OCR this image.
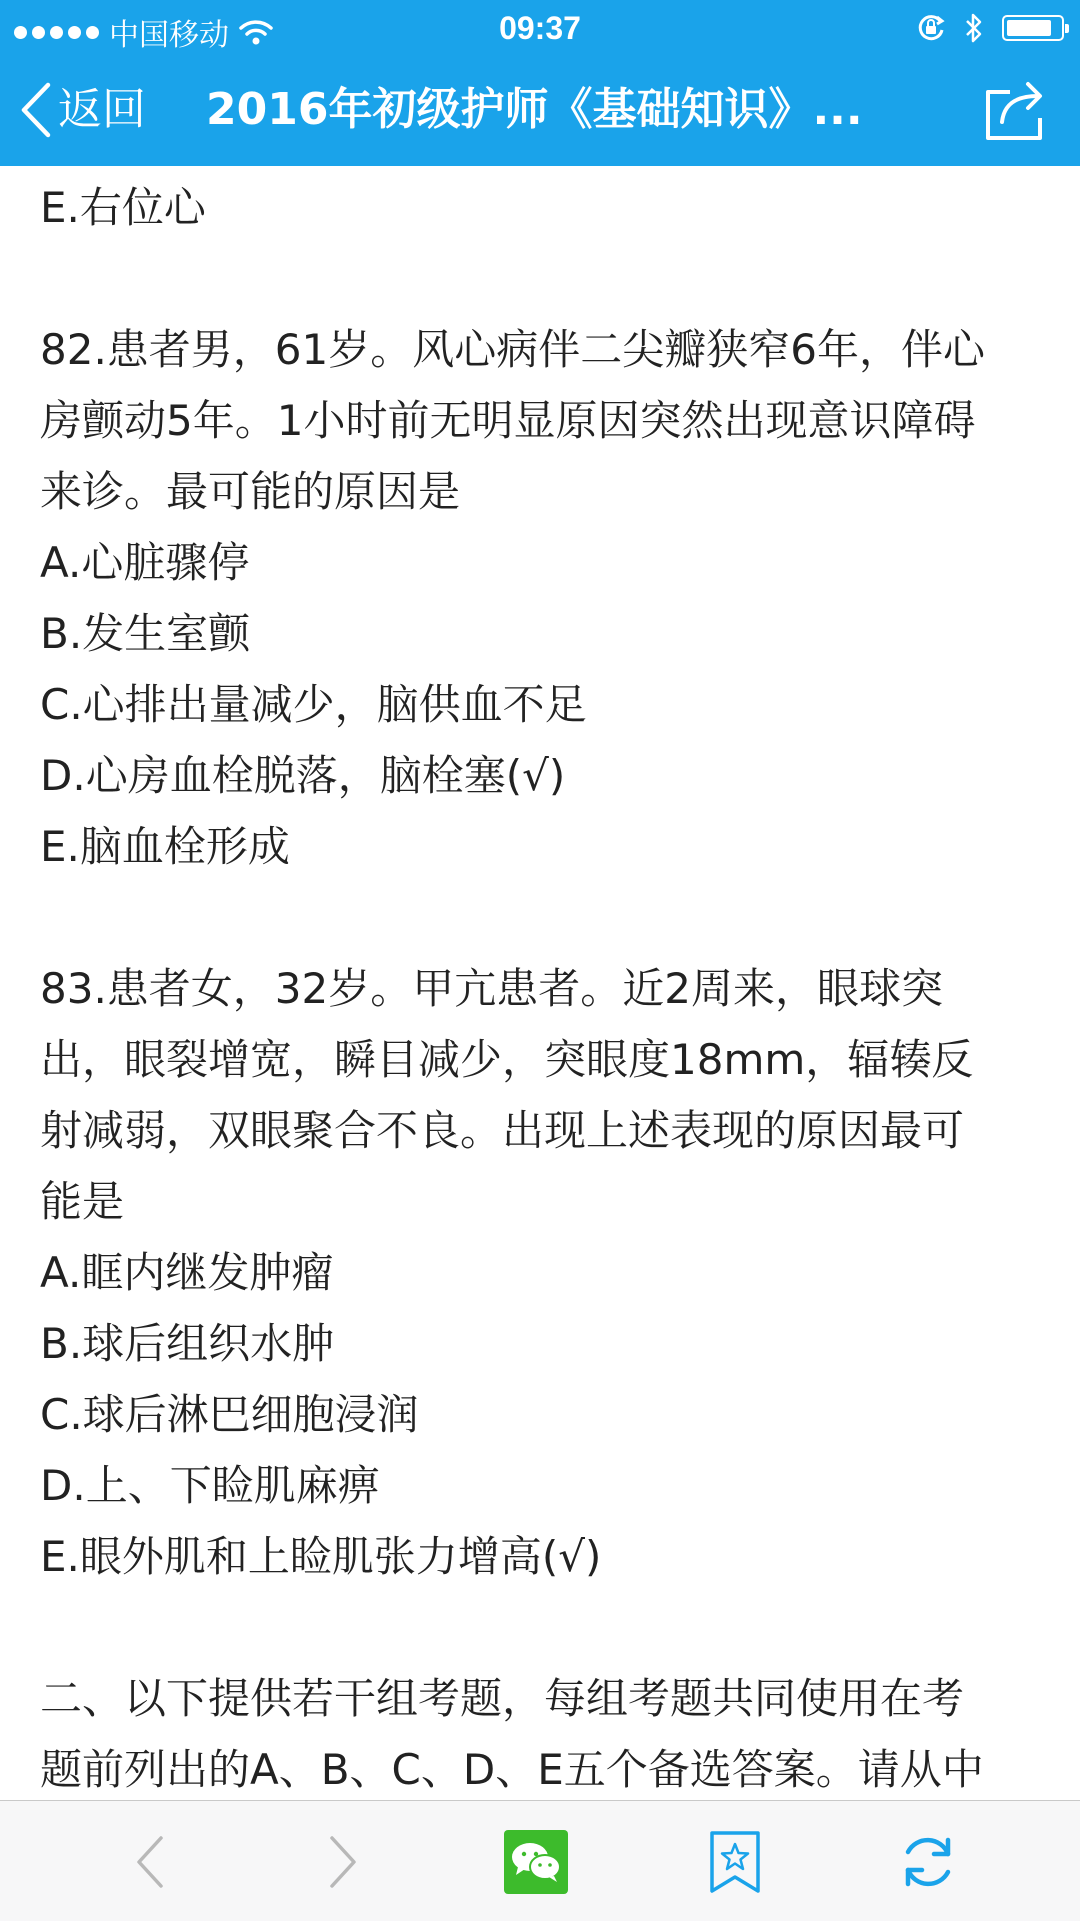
中国移动	09:37
返回 2016年初级护师《基础知识》...
E.右位心
82.患者男，61岁。风心病伴二尖瓣狭窄6年，伴心
房颤动5年。1小时前无明显原因突然出现意识障碍
来诊。最可能的原因是
A.心脏骤停
B.发生室颤
C.心排出量减少，脑供血不足
D.心房血栓脱落，脑栓塞(√)
E.脑血栓形成
83.患者女，32岁。甲亢患者。近2周来，眼球突
出，眼裂增宽，瞬目减少，突眼度18mm，辐辏反
射减弱，双眼聚合不良。出现上述表现的原因最可
能是
A.眶内继发肿瘤
B.球后组织水肿
C.球后淋巴细胞浸润
D.上、下睑肌麻痹
E.眼外肌和上睑肌张力增高(√)
二、以下提供若干组考题，每组考题共同使用在考
题前列出的A、B、C、D、E五个备选答案。请从中
